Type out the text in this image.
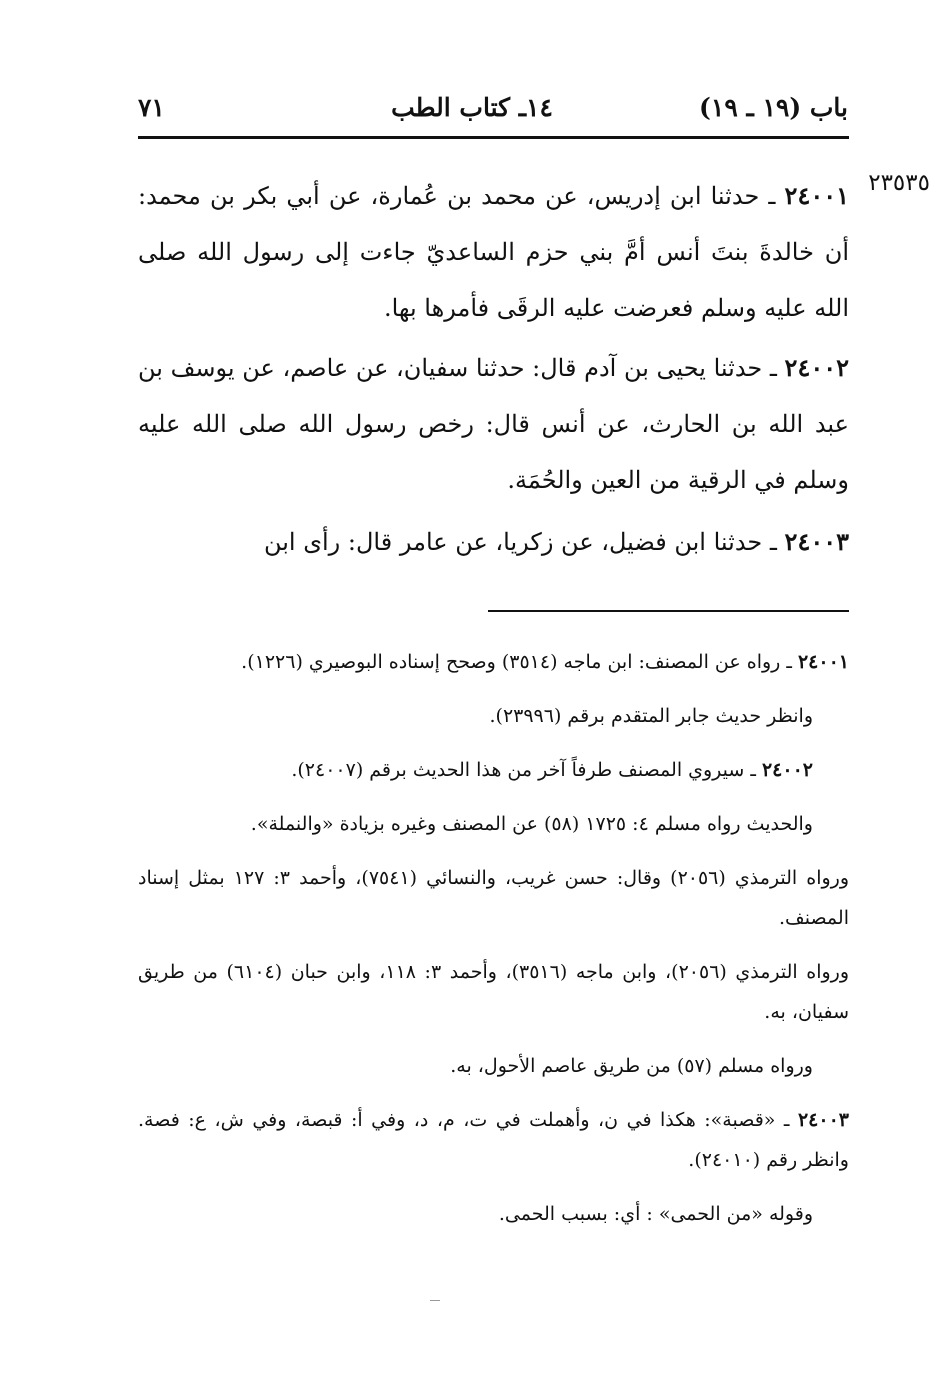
٧١	١٤ـ كتاب الطب	باب (١٩ ـ ١٩)
٢٣٥٣٥

٢٤٠٠١ ـ حدثنا ابن إدريس، عن محمد بن عُمارة، عن أبي بكر بن محمد: أن خالدةَ بنتَ أنس أمَّ بني حزم الساعديّ جاءت إلى رسول الله صلى الله عليه وسلم فعرضت عليه الرقَى فأمرها بها.

٢٤٠٠٢ ـ حدثنا يحيى بن آدم قال: حدثنا سفيان، عن عاصم، عن يوسف بن عبد الله بن الحارث، عن أنس قال: رخص رسول الله صلى الله عليه وسلم في الرقية من العين والحُمَة.

٢٤٠٠٣ ـ حدثنا ابن فضيل، عن زكريا، عن عامر قال: رأى ابن

٢٤٠٠١ ـ رواه عن المصنف: ابن ماجه (٣٥١٤) وصحح إسناده البوصيري (١٢٢٦).

وانظر حديث جابر المتقدم برقم (٢٣٩٩٦).

٢٤٠٠٢ ـ سيروي المصنف طرفاً آخر من هذا الحديث برقم (٢٤٠٠٧).

والحديث رواه مسلم ٤: ١٧٢٥ (٥٨) عن المصنف وغيره بزيادة «والنملة».

ورواه الترمذي (٢٠٥٦) وقال: حسن غريب، والنسائي (٧٥٤١)، وأحمد ٣: ١٢٧ بمثل إسناد المصنف.

ورواه الترمذي (٢٠٥٦)، وابن ماجه (٣٥١٦)، وأحمد ٣: ١١٨، وابن حبان (٦١٠٤) من طريق سفيان، به.

ورواه مسلم (٥٧) من طريق عاصم الأحول، به.

٢٤٠٠٣ ـ «قصبة»: هكذا في ن، وأهملت في ت، م، د، وفي أ: قبصة، وفي ش، ع: فصة. وانظر رقم (٢٤٠١٠).

وقوله «من الحمى» : أي: بسبب الحمى.
